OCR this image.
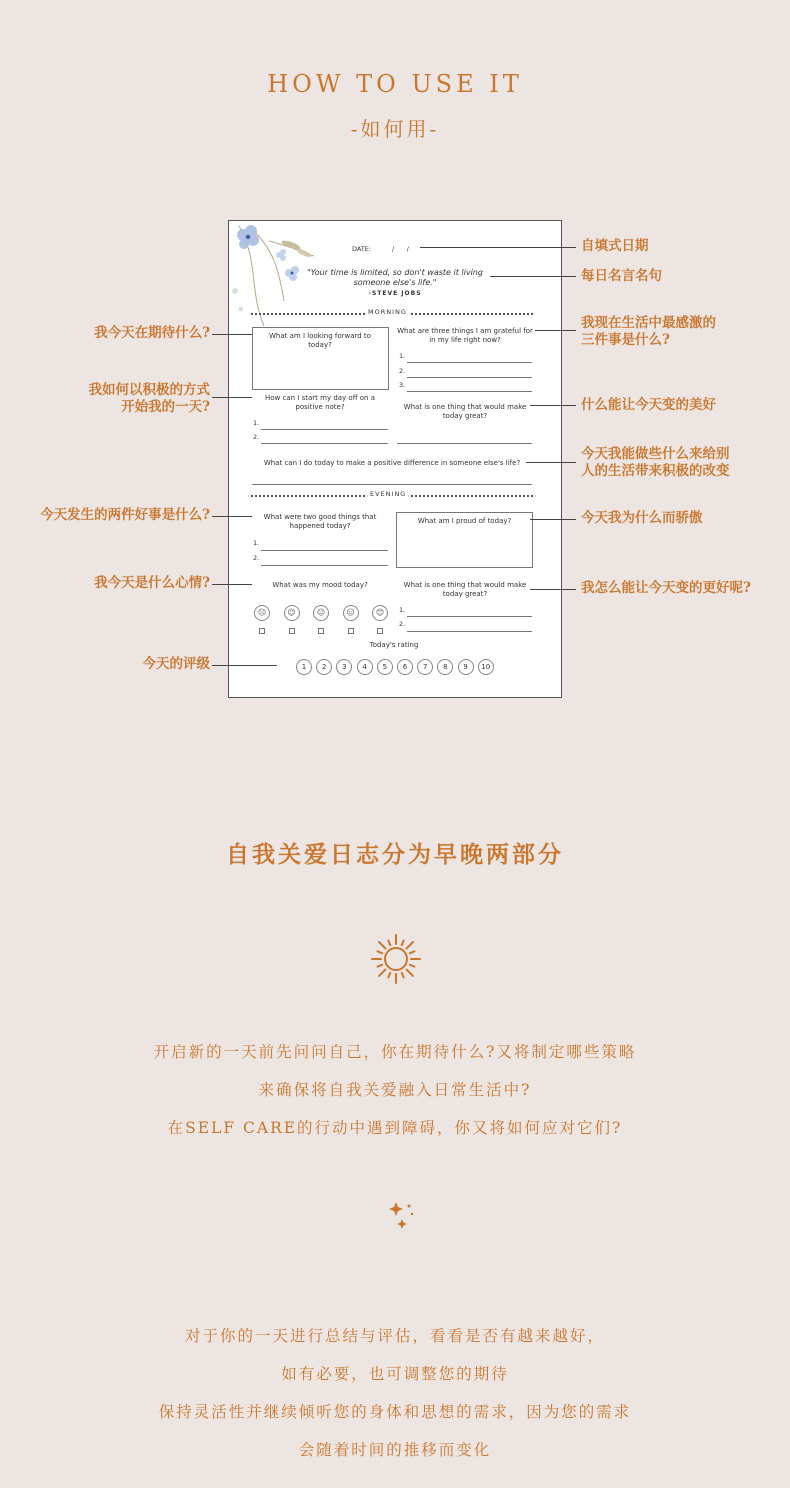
HOW TO USE IT
-如何用-
DATE:	/      /
"Your time is limited, so don't waste it living someone else's life."
-STEVE JOBS
MORNING
What am I looking forward to today?
What are three things I am grateful for in my life right now?
1.
2.
3.
How can I start my day off on a positive note?
1.
2.
What is one thing that would make today great?
What can I do today to make a positive difference in someone else's life?
EVENING
What were two good things that happened today?
1.
2.
What am I proud of today?
What was my mood today?
☹	☺	😐	😑	😊
What is one thing that would make today great?
1.
2.
Today's rating
1	2	3	4	5	6	7	8	9	10
我今天在期待什么?
我如何以积极的方式
开始我的一天?
今天发生的两件好事是什么?
我今天是什么心情?
今天的评级
自填式日期
每日名言名句
我现在生活中最感激的
三件事是什么?
什么能让今天变的美好
今天我能做些什么来给别
人的生活带来积极的改变
今天我为什么而骄傲
我怎么能让今天变的更好呢?
自我关爱日志分为早晚两部分
开启新的一天前先问问自己，你在期待什么?又将制定哪些策略
来确保将自我关爱融入日常生活中?
在SELF CARE的行动中遇到障碍，你又将如何应对它们?
对于你的一天进行总结与评估，看看是否有越来越好，
如有必要，也可调整您的期待
保持灵活性并继续倾听您的身体和思想的需求，因为您的需求
会随着时间的推移而变化
